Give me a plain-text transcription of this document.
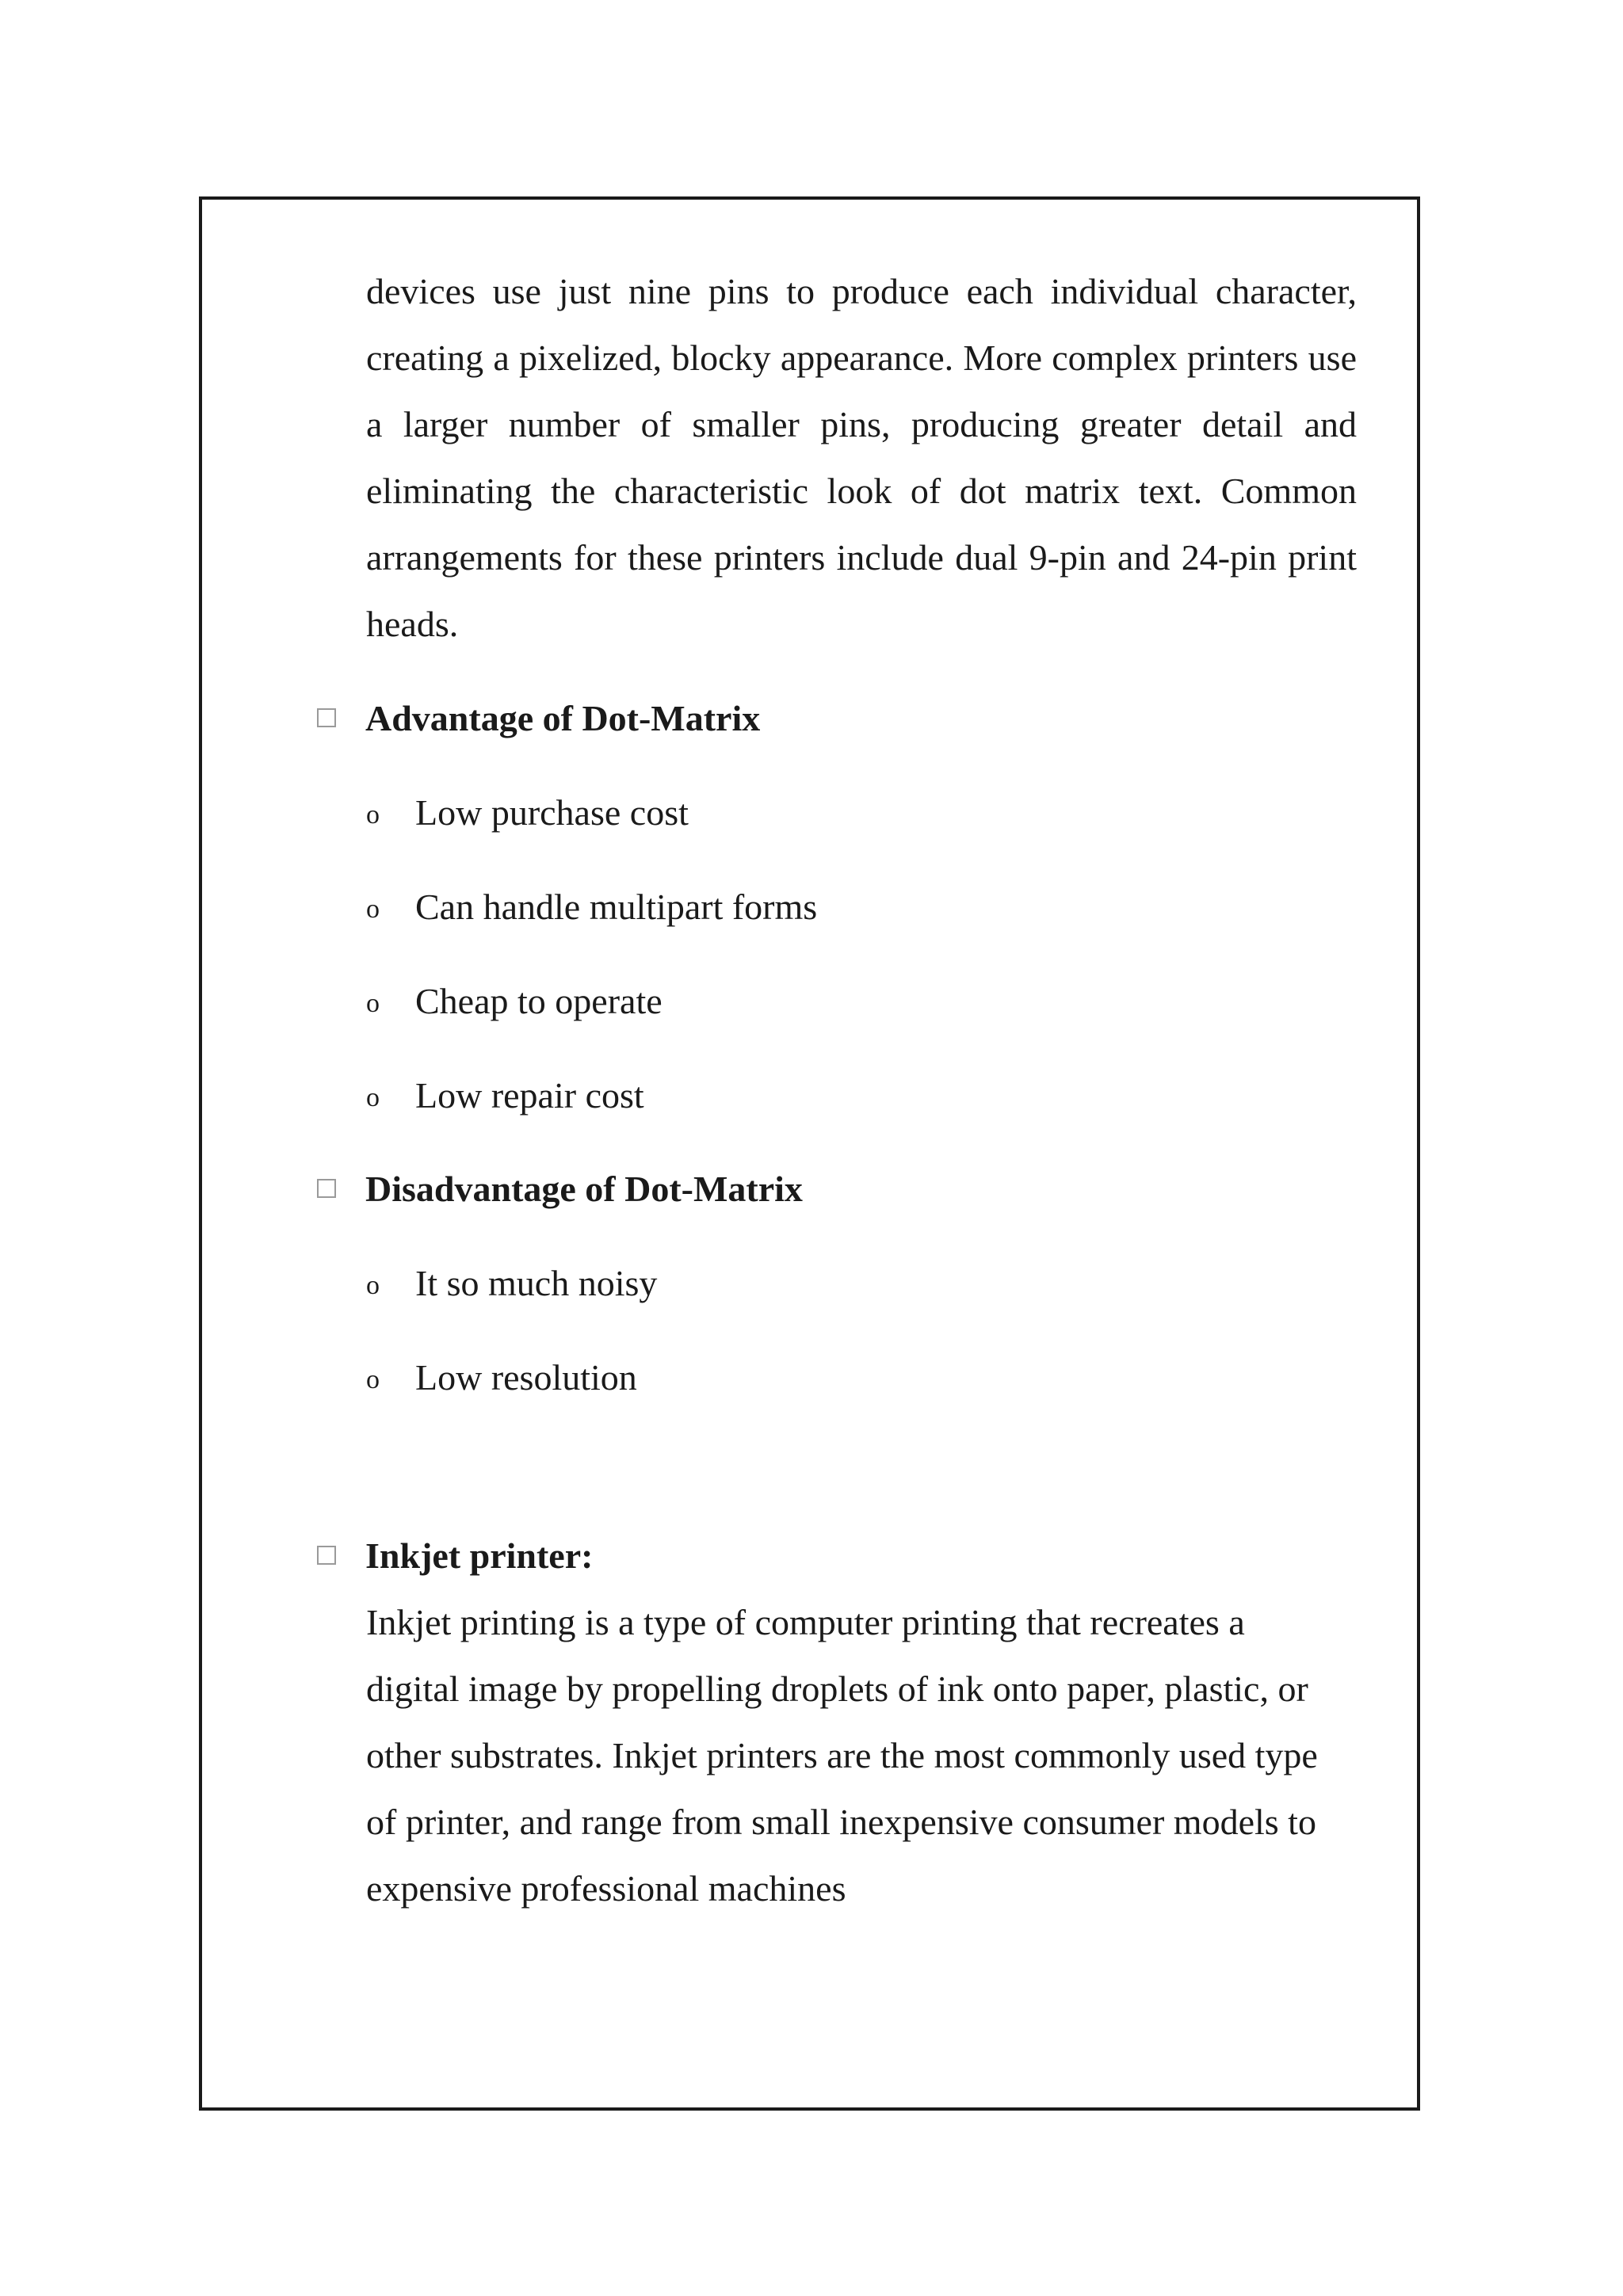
devices use just nine pins to produce each individual character, creating a pixelized, blocky appearance. More complex printers use a larger number of smaller pins, producing greater detail and eliminating the characteristic look of dot matrix text. Common arrangements for these printers include dual 9-pin and 24-pin print heads.

Advantage of Dot-Matrix
o Low purchase cost
o Can handle multipart forms
o Cheap to operate
o Low repair cost
Disadvantage of Dot-Matrix
o It so much noisy
o Low resolution
Inkjet printer:

Inkjet printing is a type of computer printing that recreates a digital image by propelling droplets of ink onto paper, plastic, or other substrates. Inkjet printers are the most commonly used type of printer, and range from small inexpensive consumer models to expensive professional machines
